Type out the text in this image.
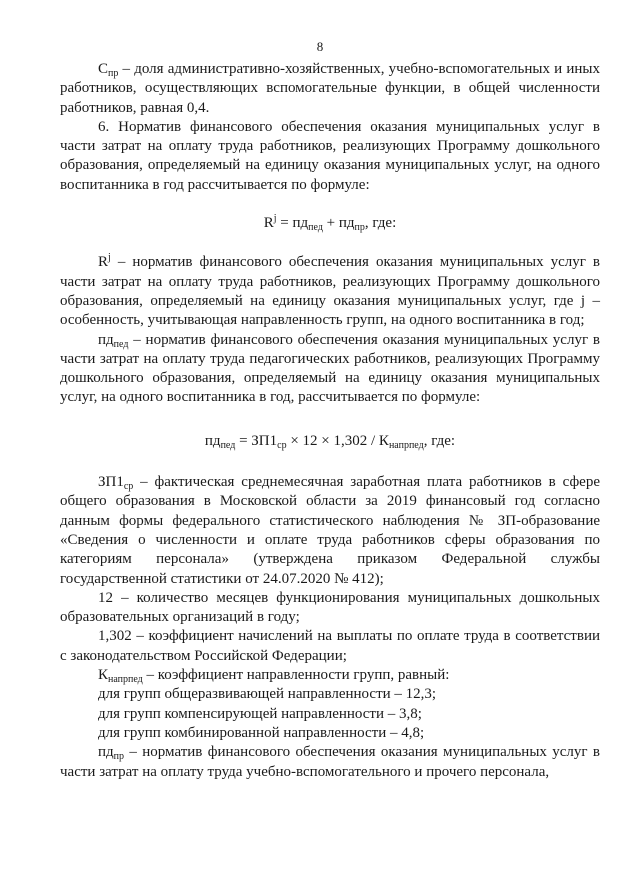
8

$С_{пр}$ – доля административно-хозяйственных, учебно-вспомогательных и иных работников, осуществляющих вспомогательные функции, в общей численности работников, равная 0,4.

6. Норматив финансового обеспечения оказания муниципальных услуг в части затрат на оплату труда работников, реализующих Программу дошкольного образования, определяемый на единицу оказания муниципальных услуг, на одного воспитанника в год рассчитывается по формуле:

$R^j = пд_{пед} + пд_{пр}$, где:

$R^j$ – норматив финансового обеспечения оказания муниципальных услуг в части затрат на оплату труда работников, реализующих Программу дошкольного образования, определяемый на единицу оказания муниципальных услуг, где j – особенность, учитывающая направленность групп, на одного воспитанника в год;

$пд_{пед}$ – норматив финансового обеспечения оказания муниципальных услуг в части затрат на оплату труда педагогических работников, реализующих Программу дошкольного образования, определяемый на единицу оказания муниципальных услуг, на одного воспитанника в год, рассчитывается по формуле:

$пд_{пед} = ЗП1_{ср} \times 12 \times 1,302 / К_{напрпед}$, где:

$ЗП1_{ср}$ – фактическая среднемесячная заработная плата работников в сфере общего образования в Московской области за 2019 финансовый год согласно данным формы федерального статистического наблюдения № ЗП-образование «Сведения о численности и оплате труда работников сферы образования по категориям персонала» (утверждена приказом Федеральной службы государственной статистики от 24.07.2020 № 412);

12 – количество месяцев функционирования муниципальных дошкольных образовательных организаций в году;

1,302 – коэффициент начислений на выплаты по оплате труда в соответствии с законодательством Российской Федерации;

$К_{напрпед}$ – коэффициент направленности групп, равный:

для групп общеразвивающей направленности – 12,3;

для групп компенсирующей направленности – 3,8;

для групп комбинированной направленности – 4,8;

$пд_{пр}$ – норматив финансового обеспечения оказания муниципальных услуг в части затрат на оплату труда учебно-вспомогательного и прочего персонала,
